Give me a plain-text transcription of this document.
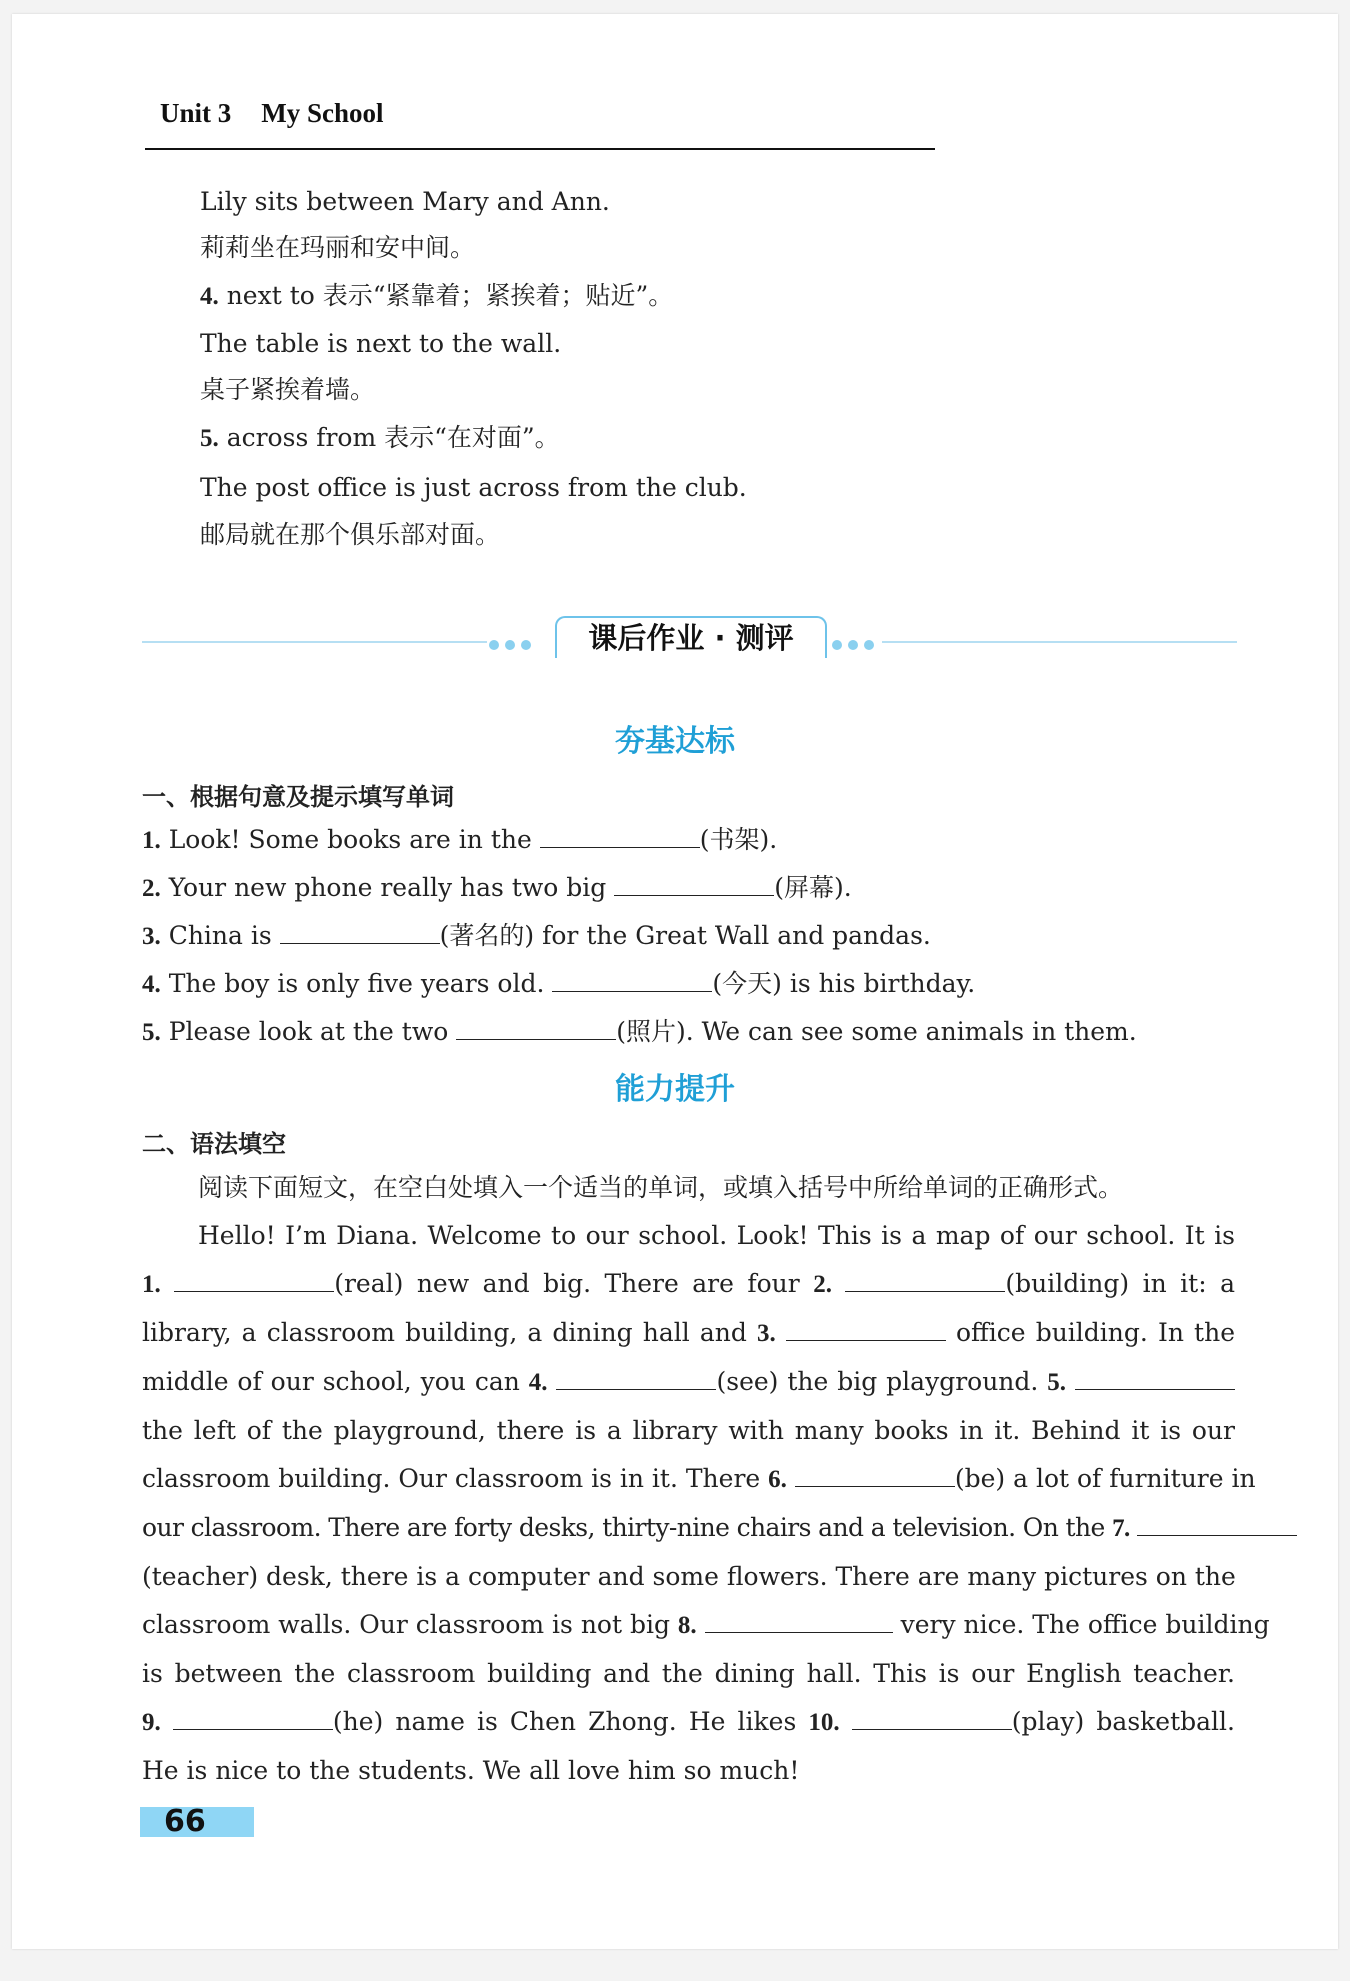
Unit 3 My School
Lily sits between Mary and Ann.
莉莉坐在玛丽和安中间。
4. next to 表示“紧靠着；紧挨着；贴近”。
The table is next to the wall.
桌子紧挨着墙。
5. across from 表示“在对面”。
The post office is just across from the club.
邮局就在那个俱乐部对面。
课后作业 · 测评
夯基达标
一、根据句意及提示填写单词
1. Look! Some books are in the	(书架).
2. Your new phone really has two big	(屏幕).
3. China is	(著名的) for the Great Wall and pandas.
4. The boy is only five years old.	(今天) is his birthday.
5. Please look at the two	(照片). We can see some animals in them.
能力提升
二、语法填空
阅读下面短文，在空白处填入一个适当的单词，或填入括号中所给单词的正确形式。
Hello! I’m Diana. Welcome to our school. Look! This is a map of our school. It is
1.	(real) new and big. There are four 2.	(building) in it: a
library, a classroom building, a dining hall and 3.	office building. In the
middle of our school, you can 4.	(see) the big playground. 5.
the left of the playground, there is a library with many books in it. Behind it is our
classroom building. Our classroom is in it. There 6.	(be) a lot of furniture in
our classroom. There are forty desks, thirty-nine chairs and a television. On the 7.
(teacher) desk, there is a computer and some flowers. There are many pictures on the
classroom walls. Our classroom is not big 8.	very nice. The office building
is between the classroom building and the dining hall. This is our English teacher.
9.	(he) name is Chen Zhong. He likes 10.	(play) basketball.
He is nice to the students. We all love him so much!
66
